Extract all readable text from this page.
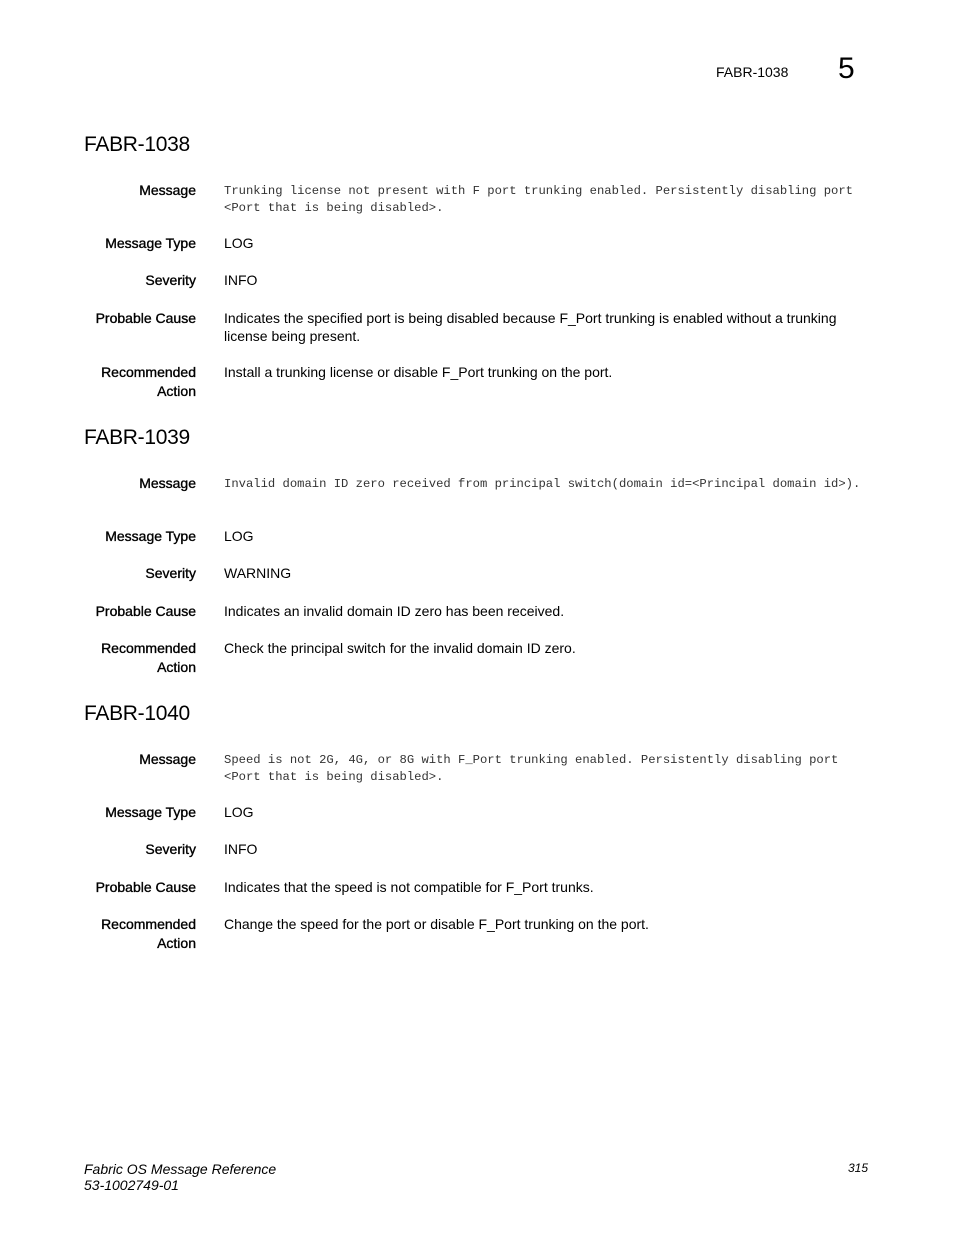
FABR-1038 5
FABR-1038
Message Trunking license not present with F port trunking enabled. Persistently disabling port <Port that is being disabled>.
Message Type LOG
Severity INFO
Probable Cause Indicates the specified port is being disabled because F_Port trunking is enabled without a trunking license being present.
Recommended
Action
Install a trunking license or disable F_Port trunking on the port.
FABR-1039
Message Invalid domain ID zero received from principal switch(domain id=<Principal domain id>).
Message Type LOG
Severity WARNING
Probable Cause Indicates an invalid domain ID zero has been received.
Recommended
Action
Check the principal switch for the invalid domain ID zero.
FABR-1040
Message Speed is not 2G, 4G, or 8G with F_Port trunking enabled. Persistently disabling port <Port that is being disabled>.
Message Type LOG
Severity INFO
Probable Cause Indicates that the speed is not compatible for F_Port trunks.
Recommended
Action
Change the speed for the port or disable F_Port trunking on the port.
Fabric OS Message Reference
53-1002749-01
315
